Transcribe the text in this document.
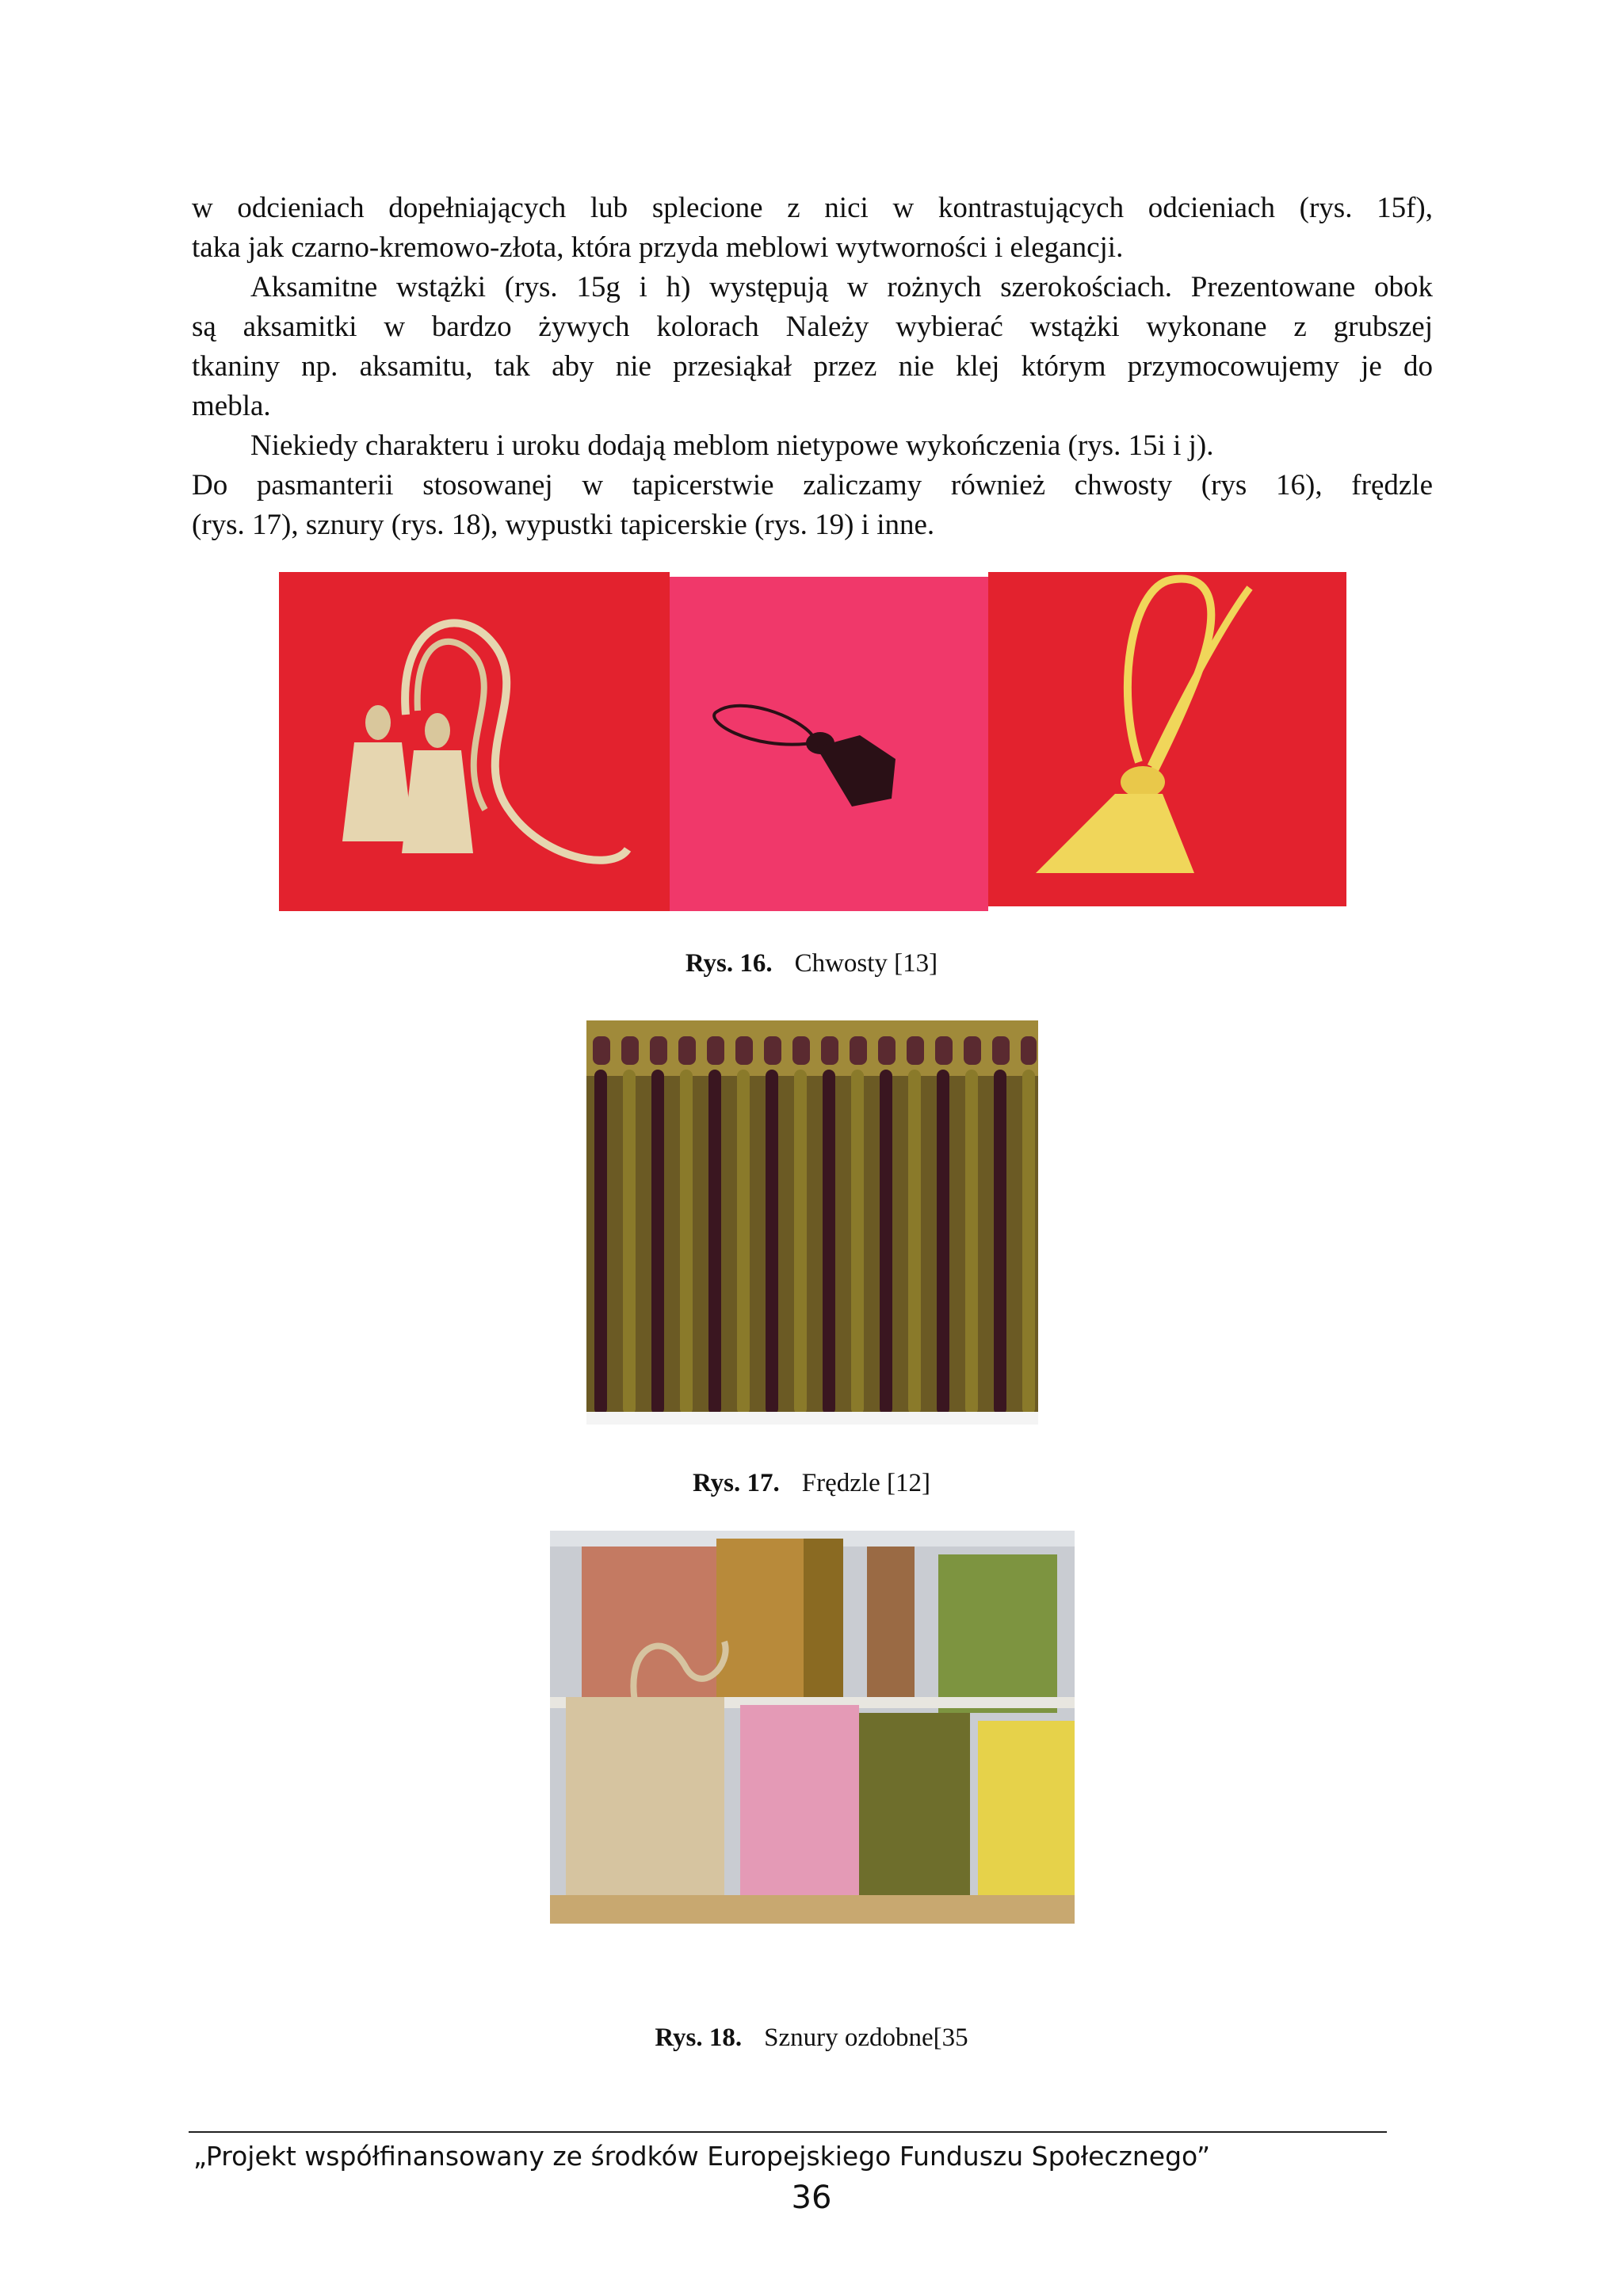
w odcieniach dopełniających lub splecione z nici w kontrastujących odcieniach (rys. 15f),

taka jak czarno-kremowo-złota, która przyda meblowi wytworności i elegancji.

Aksamitne wstążki (rys. 15g i h) występują w rożnych szerokościach. Prezentowane obok

są aksamitki w bardzo żywych kolorach Należy wybierać wstążki wykonane z grubszej

tkaniny np. aksamitu, tak aby nie przesiąkał przez nie klej którym przymocowujemy je do

mebla.

Niekiedy charakteru i uroku dodają meblom nietypowe wykończenia (rys. 15i i j).

Do pasmanterii stosowanej w tapicerstwie zaliczamy również chwosty (rys 16), frędzle

(rys. 17), sznury (rys. 18), wypustki tapicerskie (rys. 19) i inne.

Rys. 16. Chwosty [13]
Rys. 17. Frędzle [12]
Rys. 18. Sznury ozdobne[35
„Projekt współfinansowany ze środków Europejskiego Funduszu Społecznego”
36
